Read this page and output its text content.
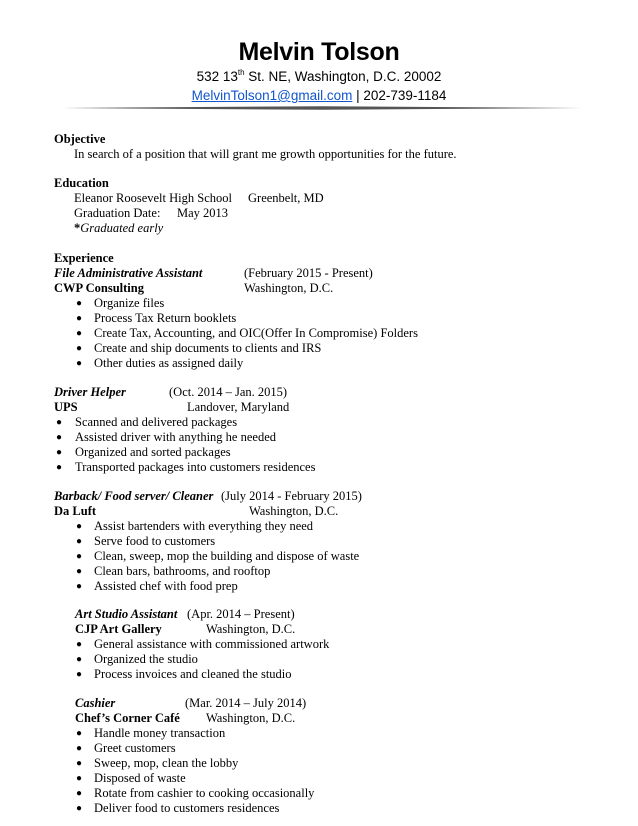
Melvin Tolson
532 13th St. NE, Washington, D.C. 20002
MelvinTolson1@gmail.com | 202-739-1184
Objective
In search of a position that will grant me growth opportunities for the future.
Education
Eleanor Roosevelt High School Greenbelt, MD
Graduation Date: May 2013
*Graduated early
Experience
File Administrative Assistant	(February 2015 - Present)
CWP Consulting	Washington, D.C.
● Organize files
● Process Tax Return booklets
● Create Tax, Accounting, and OIC(Offer In Compromise) Folders
● Create and ship documents to clients and IRS
● Other duties as assigned daily
Driver Helper	(Oct. 2014 – Jan. 2015)
UPS	Landover, Maryland
● Scanned and delivered packages
● Assisted driver with anything he needed
● Organized and sorted packages
● Transported packages into customers residences
Barback/ Food server/ Cleaner (July 2014 - February 2015)
Da Luft	Washington, D.C.
● Assist bartenders with everything they need
● Serve food to customers
● Clean, sweep, mop the building and dispose of waste
● Clean bars, bathrooms, and rooftop
● Assisted chef with food prep
Art Studio Assistant (Apr. 2014 – Present)
CJP Art Gallery	Washington, D.C.
● General assistance with commissioned artwork
● Organized the studio
● Process invoices and cleaned the studio
Cashier	(Mar. 2014 – July 2014)
Chef’s Corner Café Washington, D.C.
● Handle money transaction
● Greet customers
● Sweep, mop, clean the lobby
● Disposed of waste
● Rotate from cashier to cooking occasionally
● Deliver food to customers residences
